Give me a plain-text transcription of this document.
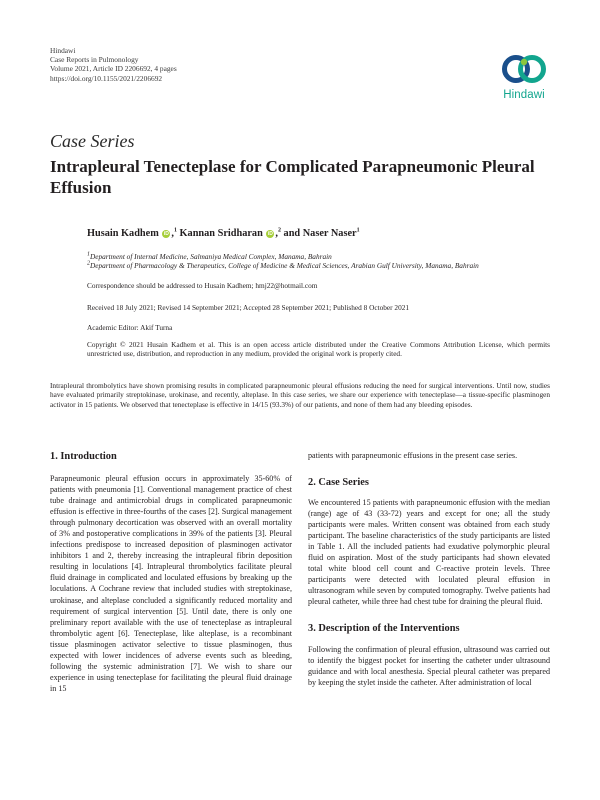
Hindawi
Case Reports in Pulmonology
Volume 2021, Article ID 2206692, 4 pages
https://doi.org/10.1155/2021/2206692
Hindawi
Case Series
Intrapleural Tenecteplase for Complicated Parapneumonic Pleural Effusion
Husain Kadhem iD ,$^1$ Kannan Sridharan iD ,$^2$ and Naser Naser$^1$
$^1$Department of Internal Medicine, Salmaniya Medical Complex, Manama, Bahrain
$^2$Department of Pharmacology & Therapeutics, College of Medicine & Medical Sciences, Arabian Gulf University, Manama, Bahrain
Correspondence should be addressed to Husain Kadhem; hmj22@hotmail.com
Received 18 July 2021; Revised 14 September 2021; Accepted 28 September 2021; Published 8 October 2021
Academic Editor: Akif Turna
Copyright © 2021 Husain Kadhem et al. This is an open access article distributed under the Creative Commons Attribution License, which permits unrestricted use, distribution, and reproduction in any medium, provided the original work is properly cited.
Intrapleural thrombolytics have shown promising results in complicated parapneumonic pleural effusions reducing the need for surgical interventions. Until now, studies have evaluated primarily streptokinase, urokinase, and recently, alteplase. In this case series, we share our experience with tenecteplase—a tissue-specific plasminogen activator in 15 patients. We observed that tenecteplase is effective in 14/15 (93.3%) of our patients, and none of them had any bleeding episodes.
1. Introduction

Parapneumonic pleural effusion occurs in approximately 35-60% of patients with pneumonia [1]. Conventional management practice of chest tube drainage and antimicrobial drugs in complicated parapneumonic effusion is effective in three-fourths of the cases [2]. Surgical management through pulmonary decortication was observed with an overall mortality of 3% and postoperative complications in 39% of the patients [3]. Pleural infections predispose to increased deposition of plasminogen activator inhibitors 1 and 2, thereby increasing the intrapleural fibrin deposition resulting in loculations [4]. Intrapleural thrombolytics facilitate pleural fluid drainage in complicated and loculated effusions by breaking up the loculations. A Cochrane review that included studies with streptokinase, urokinase, and alteplase concluded a significantly reduced mortality and requirement of surgical intervention [5]. Until date, there is only one preliminary report available with the use of tenecteplase as intrapleural thrombolytic agent [6]. Tenecteplase, like alteplase, is a recombinant tissue plasminogen activator selective to tissue plasminogen, thus expected with lower incidences of adverse events such as bleeding, following the systemic administration [7]. We wish to share our experience in using tenecteplase for facilitating the pleural fluid drainage in 15

patients with parapneumonic effusions in the present case series.

2. Case Series

We encountered 15 patients with parapneumonic effusion with the median (range) age of 43 (33-72) years and except for one; all the study participants were males. Written consent was obtained from each study participant. The baseline characteristics of the study participants are listed in Table 1. All the included patients had exudative polymorphic pleural fluid on aspiration. Most of the study participants had shown elevated total white blood cell count and C-reactive protein levels. Three participants were detected with loculated pleural effusion in ultrasonogram while seven by computed tomography. Twelve patients had pleural catheter, while three had chest tube for draining the pleural fluid.

3. Description of the Interventions

Following the confirmation of pleural effusion, ultrasound was carried out to identify the biggest pocket for inserting the catheter under ultrasound guidance and with local anesthesia. Special pleural catheter was prepared by keeping the stylet inside the catheter. After administration of local
